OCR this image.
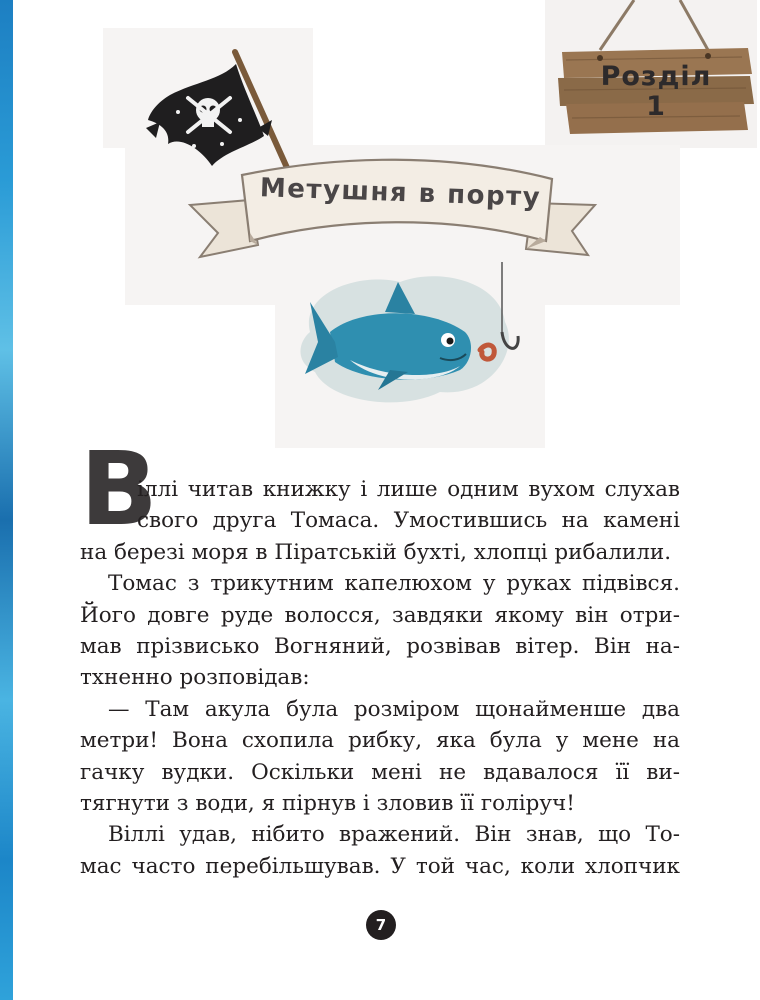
Розділ
1
Метушня в порту
В

іллі читав книжку і лише одним вухом слухав

свого друга Томаса. Умостившись на камені

на березі моря в Піратській бухті, хлопці рибалили.

Томас з трикутним капелюхом у руках підвівся.

Його довге руде волосся, завдяки якому він отри-

мав прізвисько Вогняний, розвівав вітер. Він на-

тхненно розповідав:

— Там акула була розміром щонайменше два

метри! Вона схопила рибку, яка була у мене на

гачку вудки. Оскільки мені не вдавалося її ви-

тягнути з води, я пірнув і зловив її голіруч!

Віллі удав, нібито вражений. Він знав, що То-

мас часто перебільшував. У той час, коли хлопчик

7
